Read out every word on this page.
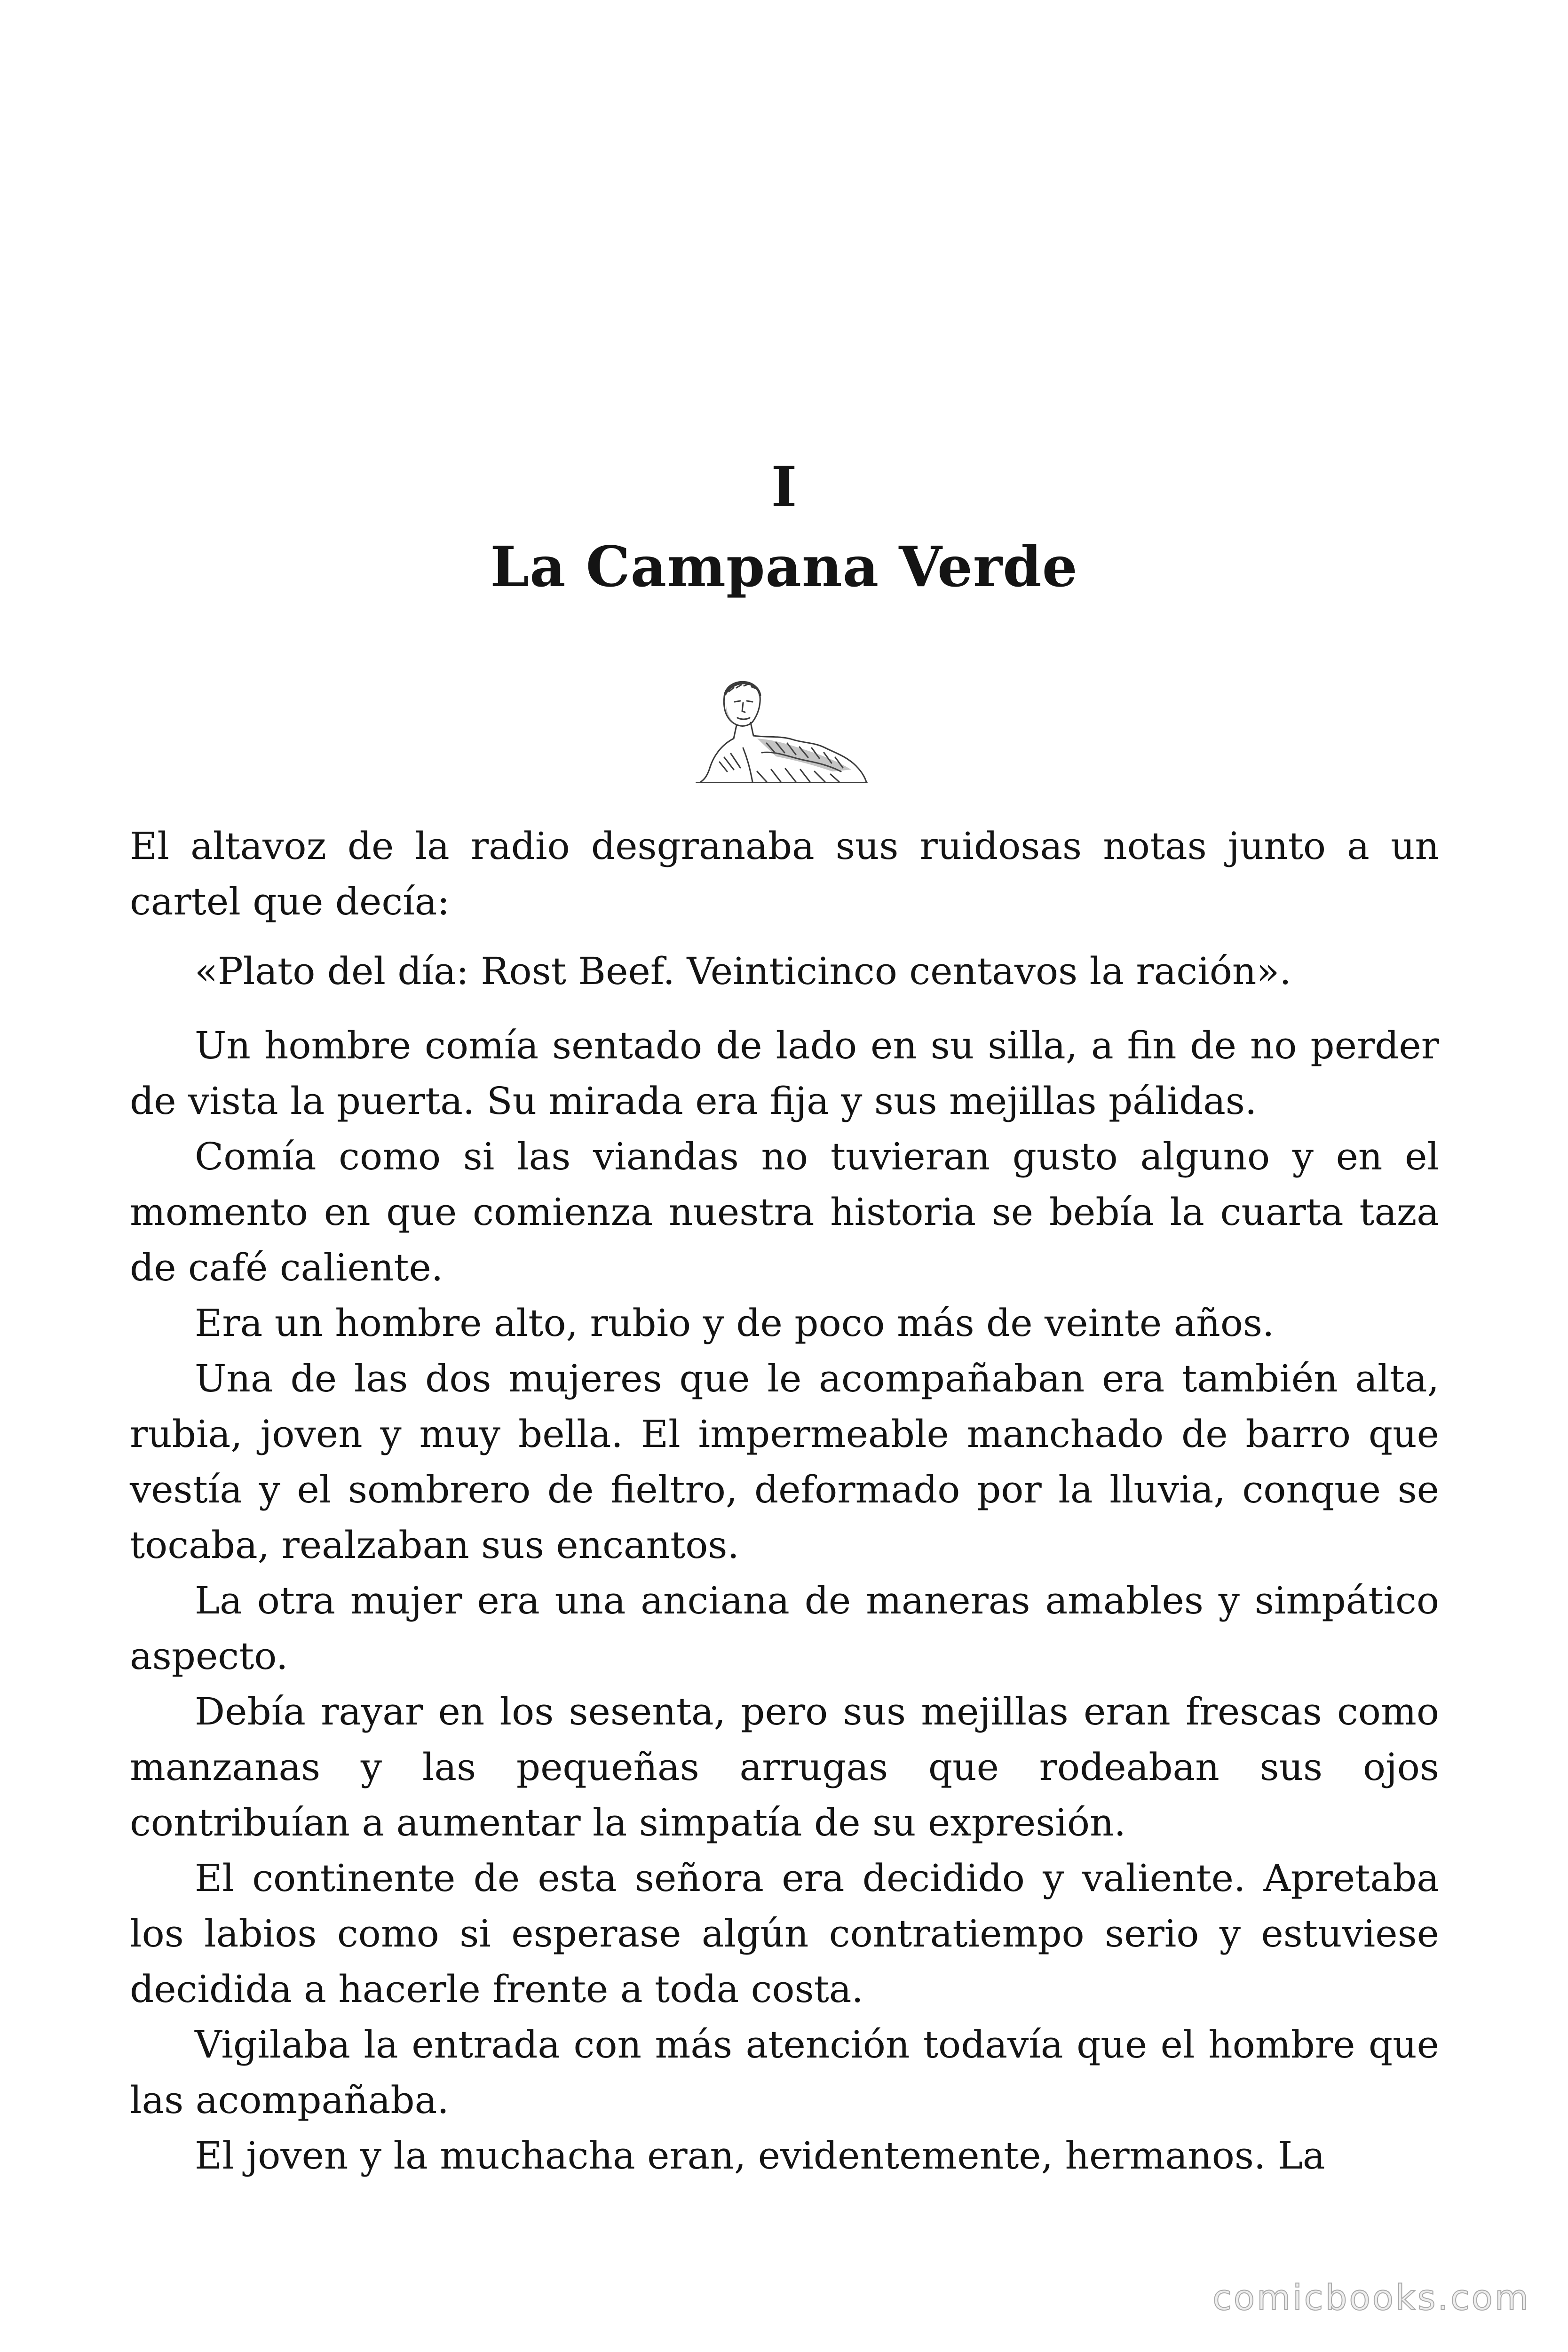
I
La Campana Verde

El altavoz de la radio desgranaba sus ruidosas notas junto a un cartel que decía:

«Plato del día: Rost Beef. Veinticinco centavos la ración».

Un hombre comía sentado de lado en su silla, a fin de no perder de vista la puerta. Su mirada era fija y sus mejillas pálidas.

Comía como si las viandas no tuvieran gusto alguno y en el momento en que comienza nuestra historia se bebía la cuarta taza de café caliente.

Era un hombre alto, rubio y de poco más de veinte años.

Una de las dos mujeres que le acompañaban era también alta, rubia, joven y muy bella. El impermeable manchado de barro que vestía y el sombrero de fieltro, deformado por la lluvia, conque se tocaba, realzaban sus encantos.

La otra mujer era una anciana de maneras amables y simpático aspecto.

Debía rayar en los sesenta, pero sus mejillas eran frescas como manzanas y las pequeñas arrugas que rodeaban sus ojos contribuían a aumentar la simpatía de su expresión.

El continente de esta señora era decidido y valiente. Apretaba los labios como si esperase algún contratiempo serio y estuviese decidida a hacerle frente a toda costa.

Vigilaba la entrada con más atención todavía que el hombre que las acompañaba.

El joven y la muchacha eran, evidentemente, hermanos. La

comicbooks.com
